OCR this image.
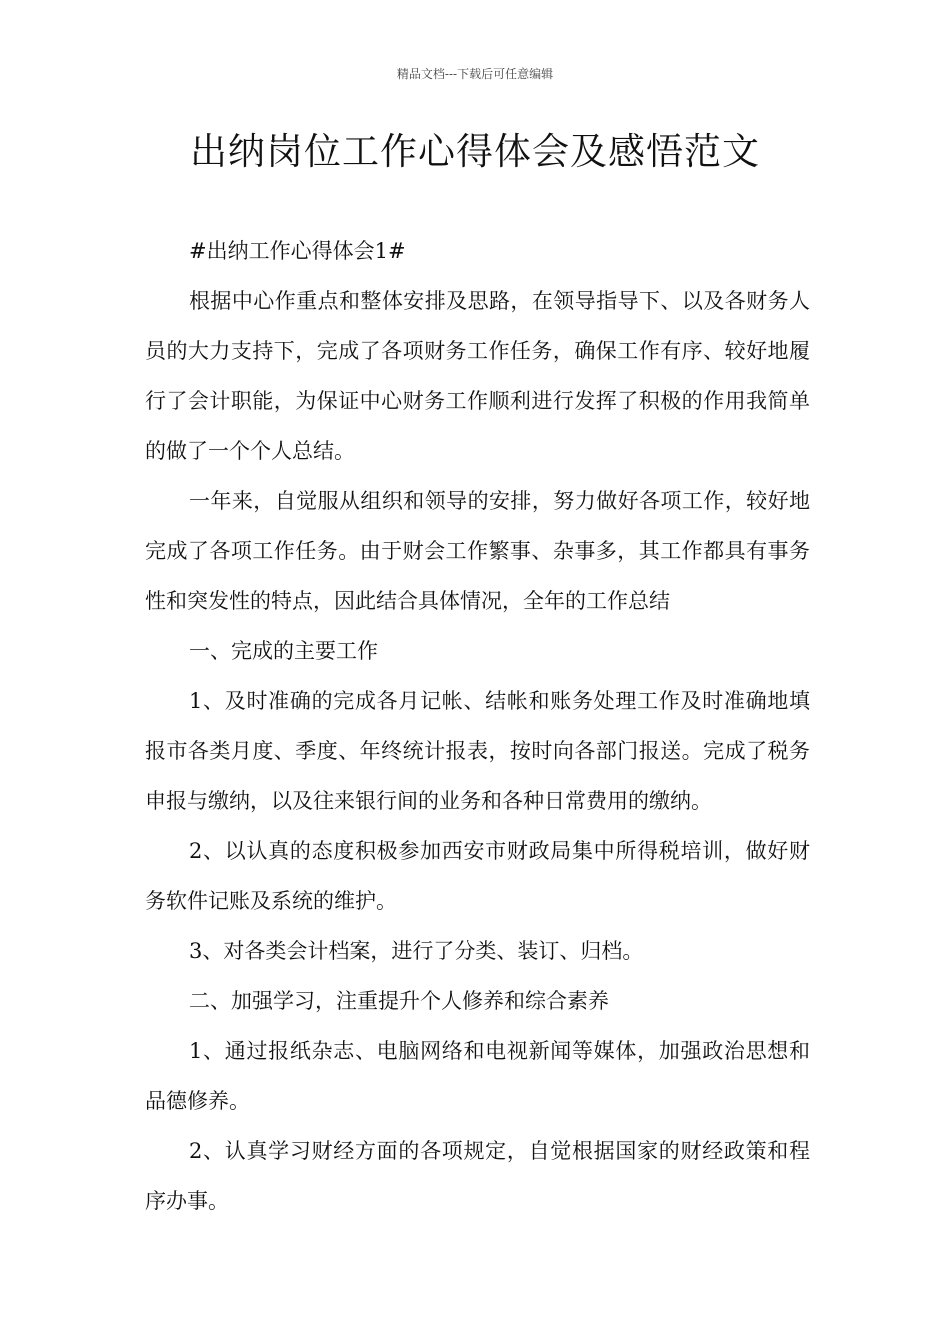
精品文档---下载后可任意编辑
出纳岗位工作心得体会及感悟范文

#出纳工作心得体会1#

根据中心作重点和整体安排及思路，在领导指导下、以及各财务人员的大力支持下，完成了各项财务工作任务，确保工作有序、较好地履行了会计职能，为保证中心财务工作顺利进行发挥了积极的作用我简单的做了一个个人总结。

一年来，自觉服从组织和领导的安排，努力做好各项工作，较好地完成了各项工作任务。由于财会工作繁事、杂事多，其工作都具有事务性和突发性的特点，因此结合具体情况，全年的工作总结

一、完成的主要工作

1、及时准确的完成各月记帐、结帐和账务处理工作及时准确地填报市各类月度、季度、年终统计报表，按时向各部门报送。完成了税务申报与缴纳，以及往来银行间的业务和各种日常费用的缴纳。

2、以认真的态度积极参加西安市财政局集中所得税培训，做好财务软件记账及系统的维护。

3、对各类会计档案，进行了分类、装订、归档。

二、加强学习，注重提升个人修养和综合素养

1、通过报纸杂志、电脑网络和电视新闻等媒体，加强政治思想和品德修养。

2、认真学习财经方面的各项规定，自觉根据国家的财经政策和程序办事。
